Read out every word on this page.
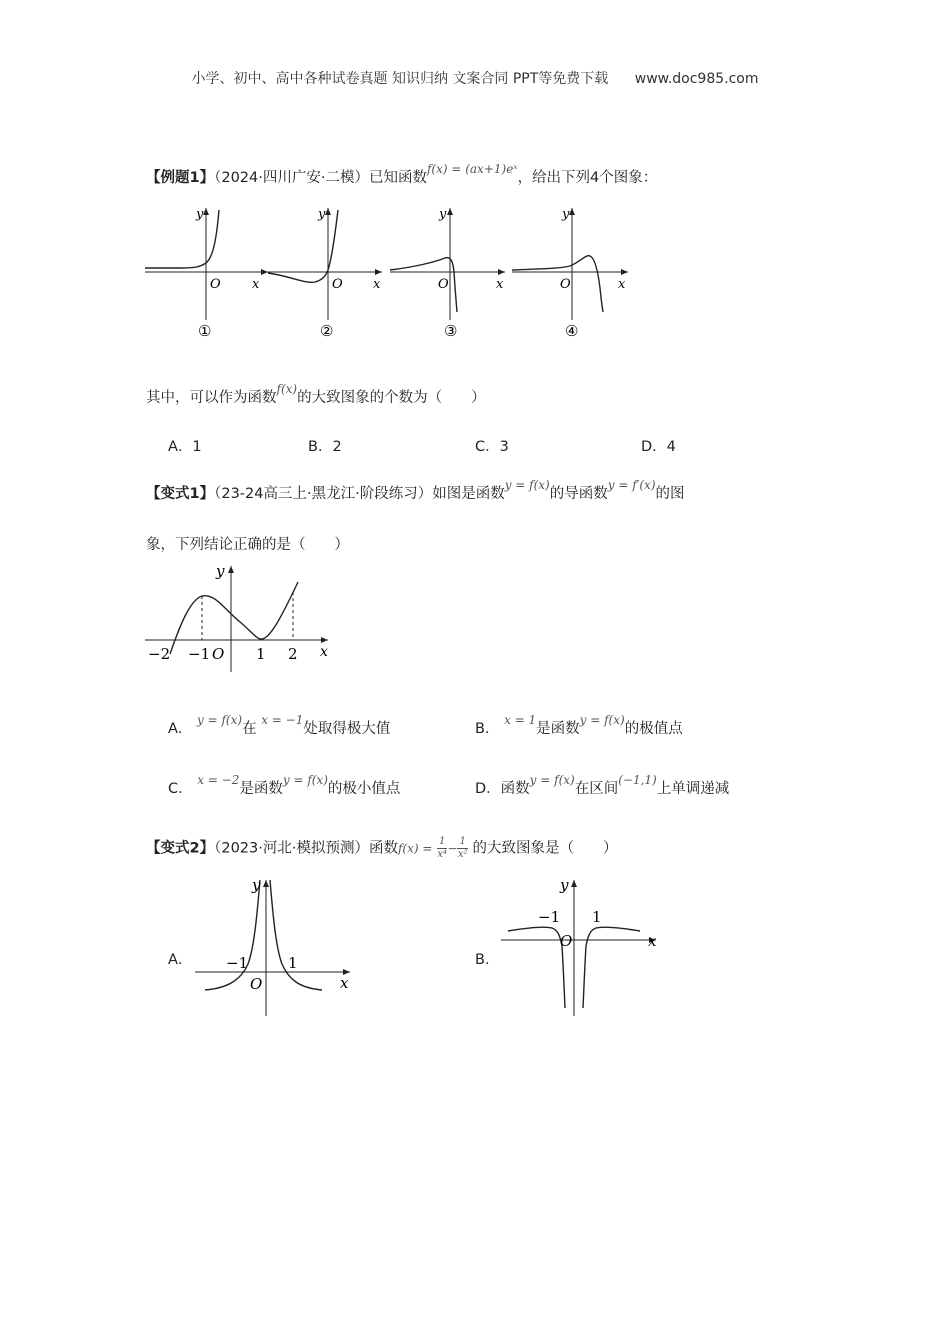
小学、初中、高中各种试卷真题 知识归纳 文案合同 PPT等免费下载 www.doc985.com
【例题1】（2024·四川广安·二模）已知函数$^{f(x) = (ax+1)eˣ}$，给出下列4个图象：
y
x
O
①
y
x
O
②
y
x
O
③
y
x
O
④
其中，可以作为函数$^{f(x)}$的大致图象的个数为（　　）
A．1	B．2	C．3	D．4
【变式1】（23-24高三上·黑龙江·阶段练习）如图是函数$^{y = f(x)}$的导函数$^{y = f'(x)}$的图
象，下列结论正确的是（　　）
y
x
O
−2 −1	1 2
A． $^{y = f(x)}$在 $^{x = -1}$处取得极大值	B． $^{x = 1}$是函数$^{y = f(x)}$的极值点
C． $^{x = -2}$是函数$^{y = f(x)}$的极小值点	D．函数$^{y = f(x)}$在区间$^{(-1,1)}$上单调递减
【变式2】（2023·河北·模拟预测）函数$f(x) = \frac{1}{\text{x⁴}} - \frac{1}{\text{x²}}$ 的大致图象是（　　）
A．
y
x
O
−1	1	B．
y
x
O
−1 1
